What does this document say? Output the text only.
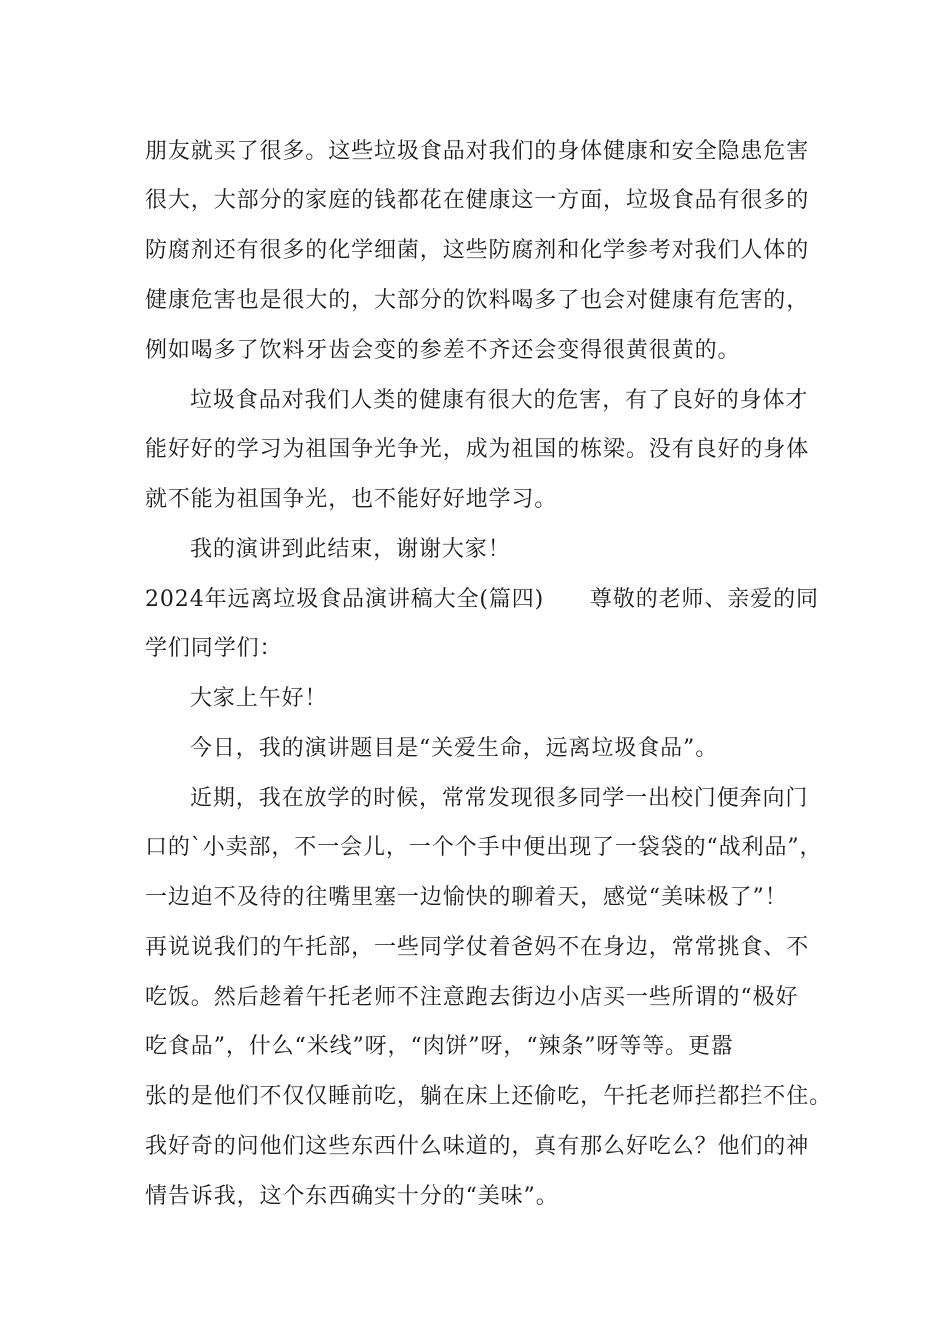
朋友就买了很多。这些垃圾食品对我们的身体健康和安全隐患危害
很大，大部分的家庭的钱都花在健康这一方面，垃圾食品有很多的
防腐剂还有很多的化学细菌，这些防腐剂和化学参考对我们人体的
健康危害也是很大的，大部分的饮料喝多了也会对健康有危害的，
例如喝多了饮料牙齿会变的参差不齐还会变得很黄很黄的。
垃圾食品对我们人类的健康有很大的危害，有了良好的身体才
能好好的学习为祖国争光争光，成为祖国的栋梁。没有良好的身体
就不能为祖国争光，也不能好好地学习。
我的演讲到此结束，谢谢大家！
2024年远离垃圾食品演讲稿大全(篇四)　　尊敬的老师、亲爱的同
学们同学们：
大家上午好！
今日，我的演讲题目是“关爱生命，远离垃圾食品”。
近期，我在放学的时候，常常发现很多同学一出校门便奔向门
口的`小卖部，不一会儿，一个个手中便出现了一袋袋的“战利品”，
一边迫不及待的往嘴里塞一边愉快的聊着天，感觉“美味极了”！
再说说我们的午托部，一些同学仗着爸妈不在身边，常常挑食、不
吃饭。然后趁着午托老师不注意跑去街边小店买一些所谓的“极好
吃食品”，什么“米线”呀，“肉饼”呀，“辣条”呀等等。更嚣
张的是他们不仅仅睡前吃，躺在床上还偷吃，午托老师拦都拦不住。
我好奇的问他们这些东西什么味道的，真有那么好吃么？他们的神
情告诉我，这个东西确实十分的“美味”。
